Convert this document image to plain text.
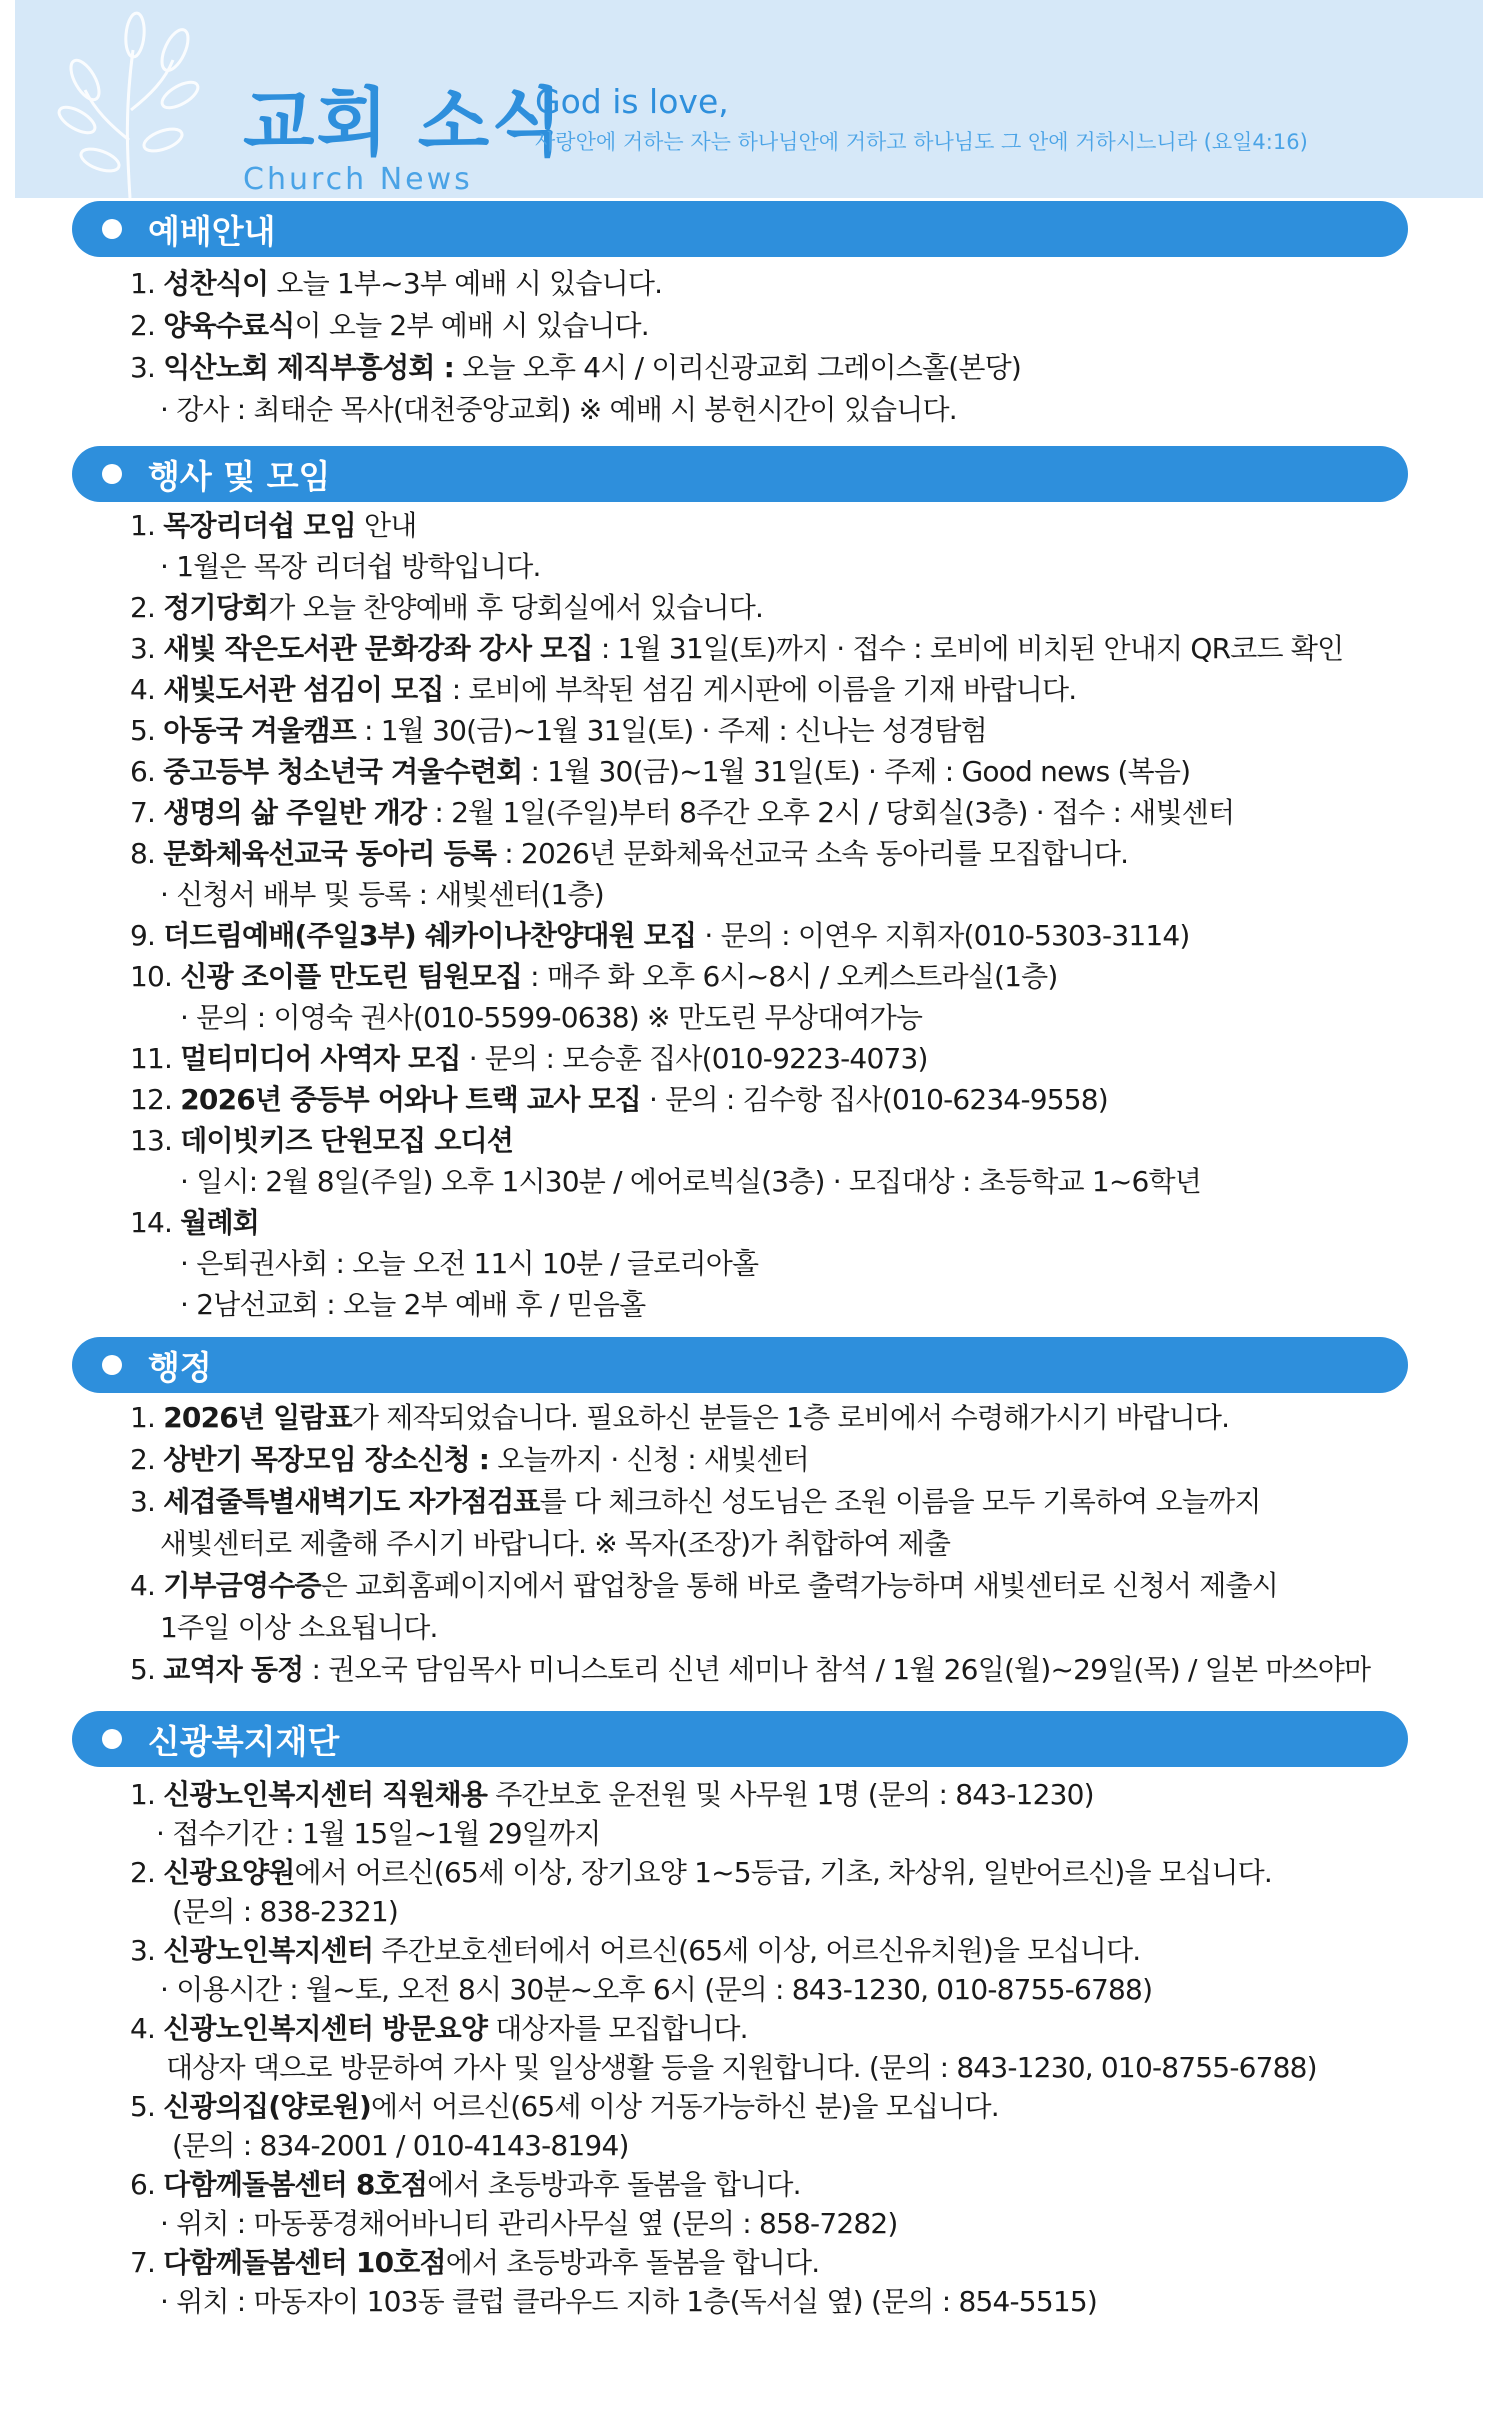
교회 소식
Church News
God is love,
사랑안에 거하는 자는 하나님안에 거하고 하나님도 그 안에 거하시느니라 (요일4:16)
예배안내
행사 및 모임
행정
신광복지재단
1. 성찬식이 오늘 1부~3부 예배 시 있습니다.
2. 양육수료식이 오늘 2부 예배 시 있습니다.
3. 익산노회 제직부흥성회 : 오늘 오후 4시 / 이리신광교회 그레이스홀(본당)
· 강사 : 최태순 목사(대천중앙교회) ※ 예배 시 봉헌시간이 있습니다.
1. 목장리더쉽 모임 안내
· 1월은 목장 리더쉽 방학입니다.
2. 정기당회가 오늘 찬양예배 후 당회실에서 있습니다.
3. 새빛 작은도서관 문화강좌 강사 모집 : 1월 31일(토)까지 · 접수 : 로비에 비치된 안내지 QR코드 확인
4. 새빛도서관 섬김이 모집 : 로비에 부착된 섬김 게시판에 이름을 기재 바랍니다.
5. 아동국 겨울캠프 : 1월 30(금)~1월 31일(토) · 주제 : 신나는 성경탐험
6. 중고등부 청소년국 겨울수련회 : 1월 30(금)~1월 31일(토) · 주제 : Good news (복음)
7. 생명의 삶 주일반 개강 : 2월 1일(주일)부터 8주간 오후 2시 / 당회실(3층) · 접수 : 새빛센터
8. 문화체육선교국 동아리 등록 : 2026년 문화체육선교국 소속 동아리를 모집합니다.
· 신청서 배부 및 등록 : 새빛센터(1층)
9. 더드림예배(주일3부) 쉐카이나찬양대원 모집 · 문의 : 이연우 지휘자(010-5303-3114)
10. 신광 조이플 만도린 팀원모집 : 매주 화 오후 6시~8시 / 오케스트라실(1층)
· 문의 : 이영숙 권사(010-5599-0638) ※ 만도린 무상대여가능
11. 멀티미디어 사역자 모집 · 문의 : 모승훈 집사(010-9223-4073)
12. 2026년 중등부 어와나 트랙 교사 모집 · 문의 : 김수항 집사(010-6234-9558)
13. 데이빗키즈 단원모집 오디션
· 일시: 2월 8일(주일) 오후 1시30분 / 에어로빅실(3층) · 모집대상 : 초등학교 1~6학년
14. 월례회
· 은퇴권사회 : 오늘 오전 11시 10분 / 글로리아홀
· 2남선교회 : 오늘 2부 예배 후 / 믿음홀
1. 2026년 일람표가 제작되었습니다. 필요하신 분들은 1층 로비에서 수령해가시기 바랍니다.
2. 상반기 목장모임 장소신청 : 오늘까지 · 신청 : 새빛센터
3. 세겹줄특별새벽기도 자가점검표를 다 체크하신 성도님은 조원 이름을 모두 기록하여 오늘까지
새빛센터로 제출해 주시기 바랍니다. ※ 목자(조장)가 취합하여 제출
4. 기부금영수증은 교회홈페이지에서 팝업창을 통해 바로 출력가능하며 새빛센터로 신청서 제출시
1주일 이상 소요됩니다.
5. 교역자 동정 : 권오국 담임목사 미니스토리 신년 세미나 참석 / 1월 26일(월)~29일(목) / 일본 마쓰야마
1. 신광노인복지센터 직원채용 주간보호 운전원 및 사무원 1명 (문의 : 843-1230)
· 접수기간 : 1월 15일~1월 29일까지
2. 신광요양원에서 어르신(65세 이상, 장기요양 1~5등급, 기초, 차상위, 일반어르신)을 모십니다.
(문의 : 838-2321)
3. 신광노인복지센터 주간보호센터에서 어르신(65세 이상, 어르신유치원)을 모십니다.
· 이용시간 : 월~토, 오전 8시 30분~오후 6시 (문의 : 843-1230, 010-8755-6788)
4. 신광노인복지센터 방문요양 대상자를 모집합니다.
대상자 댁으로 방문하여 가사 및 일상생활 등을 지원합니다. (문의 : 843-1230, 010-8755-6788)
5. 신광의집(양로원)에서 어르신(65세 이상 거동가능하신 분)을 모십니다.
(문의 : 834-2001 / 010-4143-8194)
6. 다함께돌봄센터 8호점에서 초등방과후 돌봄을 합니다.
· 위치 : 마동풍경채어바니티 관리사무실 옆 (문의 : 858-7282)
7. 다함께돌봄센터 10호점에서 초등방과후 돌봄을 합니다.
· 위치 : 마동자이 103동 클럽 클라우드 지하 1층(독서실 옆) (문의 : 854-5515)
